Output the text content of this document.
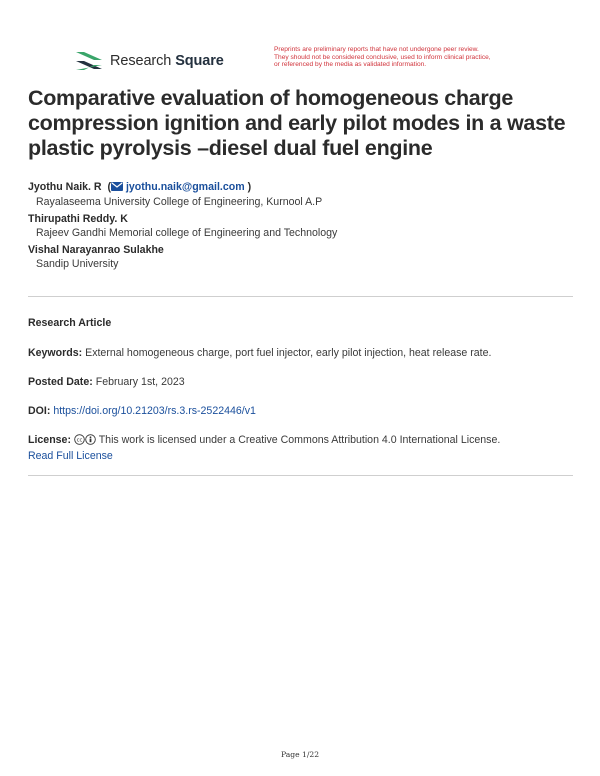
Research Square
Preprints are preliminary reports that have not undergone peer review.
They should not be considered conclusive, used to inform clinical practice,
or referenced by the media as validated information.
Comparative evaluation of homogeneous charge compression ignition and early pilot modes in a waste plastic pyrolysis –diesel dual fuel engine
Jyothu Naik. R  ( jyothu.naik@gmail.com )
Rayalaseema University College of Engineering, Kurnool A.P
Thirupathi Reddy. K
Rajeev Gandhi Memorial college of Engineering and Technology
Vishal Narayanrao Sulakhe
Sandip University
Research Article
Keywords: External homogeneous charge, port fuel injector, early pilot injection, heat release rate.
Posted Date: February 1st, 2023
DOI: https://doi.org/10.21203/rs.3.rs-2522446/v1
License: cc This work is licensed under a Creative Commons Attribution 4.0 International License.
Read Full License
Page 1/22
